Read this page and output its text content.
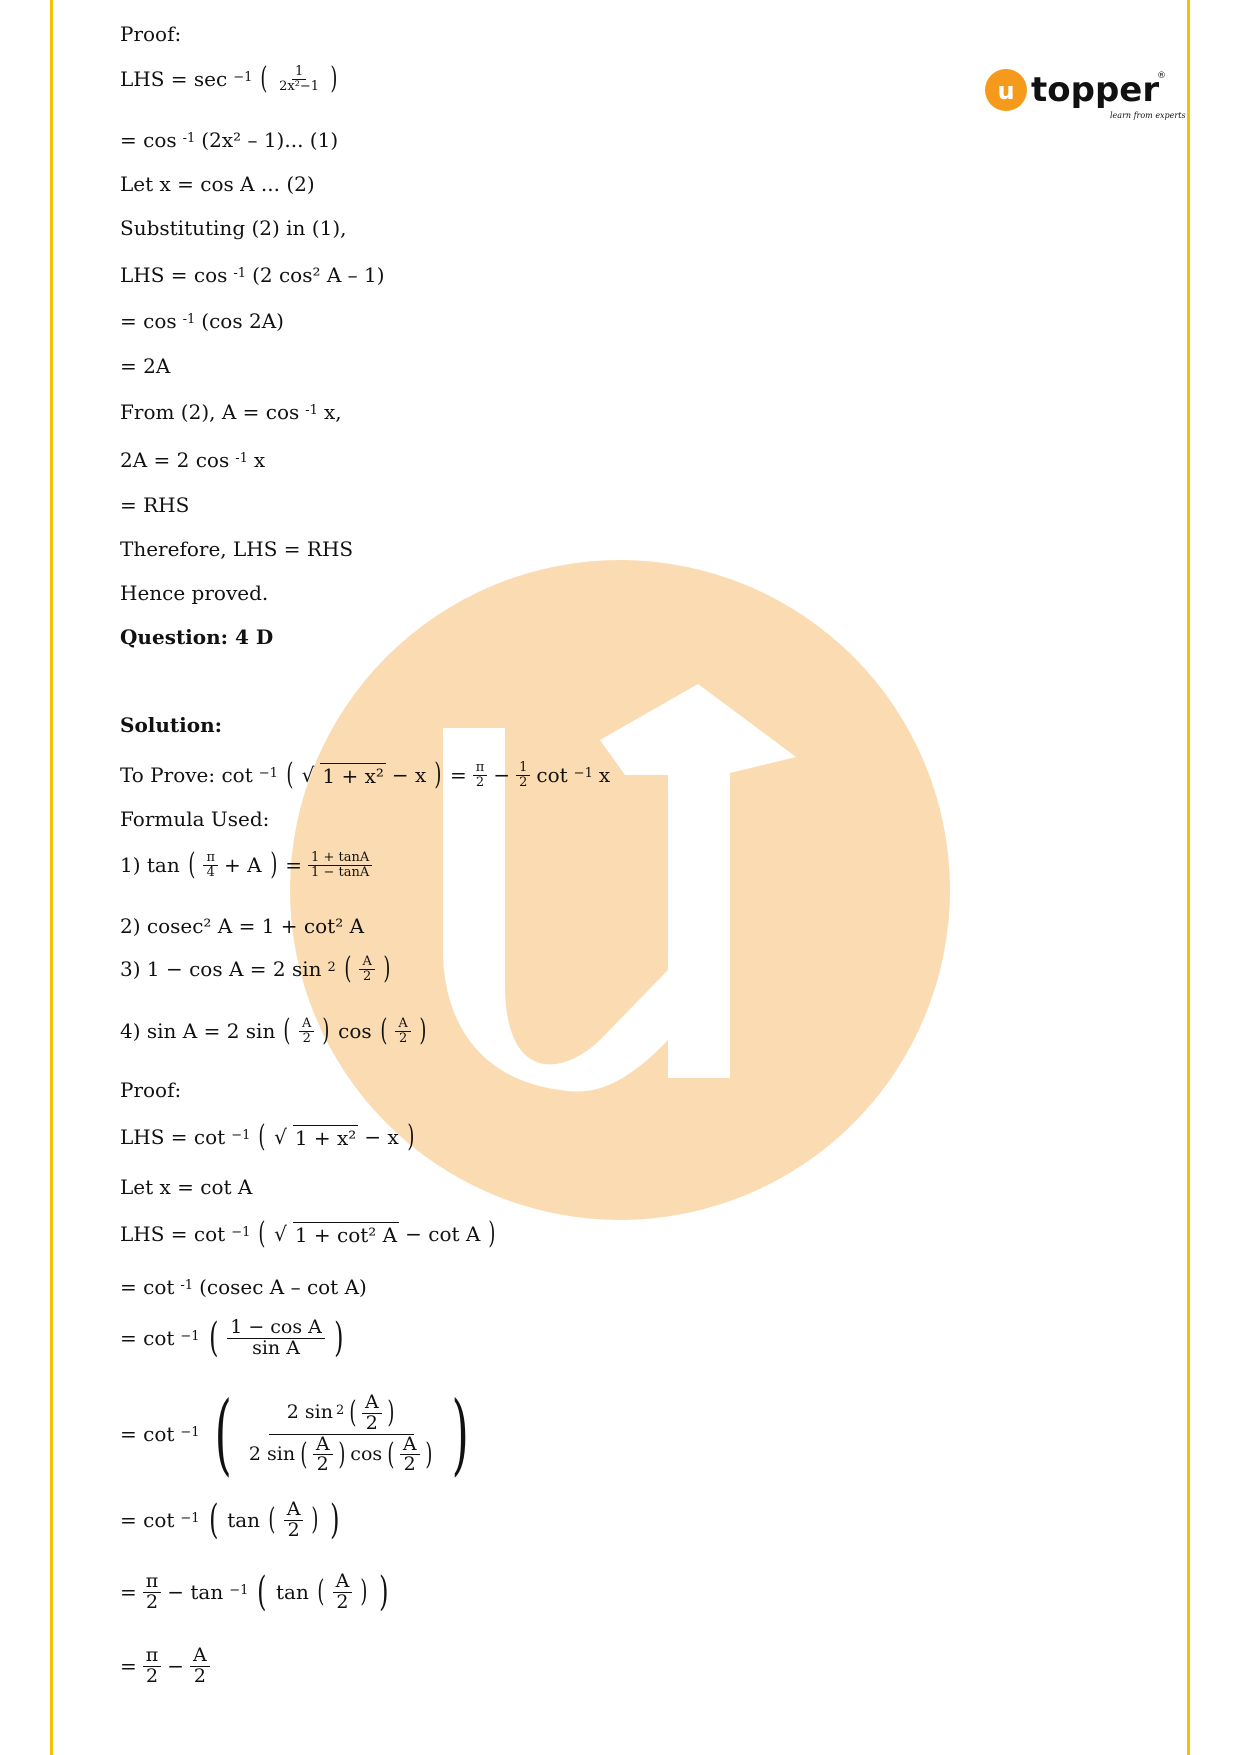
u topper
®
learn from experts
Proof:
LHS = sec $^{-1}$ ( $\frac{1}{\text{2x²−1}}$ )
= cos $^{-1}$ (2x² – 1)... (1)
Let x = cos A ... (2)
Substituting (2) in (1),
LHS = cos $^{-1}$ (2 cos² A – 1)
= cos $^{-1}$ (cos 2A)
= 2A
From (2), A = cos $^{-1}$ x,
2A = 2 cos $^{-1}$ x
= RHS
Therefore, LHS = RHS
Hence proved.
Question: 4 D
Solution:
To Prove: cot $^{-1}$ ( √ 1 + x² − x ) = $\frac{\pi}{2} - \frac{1}{2}$ cot $^{-1}$ x
Formula Used:
1) tan ( $\frac{\pi}{4} + A$ ) = $\frac{1 + \tan A}{1 - \tan A}$
2) cosec² A = 1 + cot² A
3) 1 − cos A = 2 sin $^2$ ( $\frac{A}{2}$ )
4) sin A = 2 sin ( $\frac{A}{2}$ ) cos ( $\frac{A}{2}$ )
Proof:
LHS = cot $^{-1}$ ( √ 1 + x² − x )
Let x = cot A
LHS = cot $^{-1}$ ( √ 1 + cot² A − cot A )
= cot $^{-1}$ (cosec A – cot A)
= cot $^{-1}$ ( $\frac{\text{1 − cos A}}{\text{sin A}}$ )
= cot $^{-1}$ ( $\frac{2 \sin^2 ( \frac{A}{2} )}{2 \sin ( \frac{A}{2} ) \cos ( \frac{A}{2} )}$ )
= cot $^{-1}$ ( tan ( $\frac{A}{2}$ ) )
= $\frac{\pi}{2} - \tan ^{-1}$ ( tan ( $\frac{A}{2}$ ) )
= $\frac{\pi}{2} - \frac{A}{2}$
